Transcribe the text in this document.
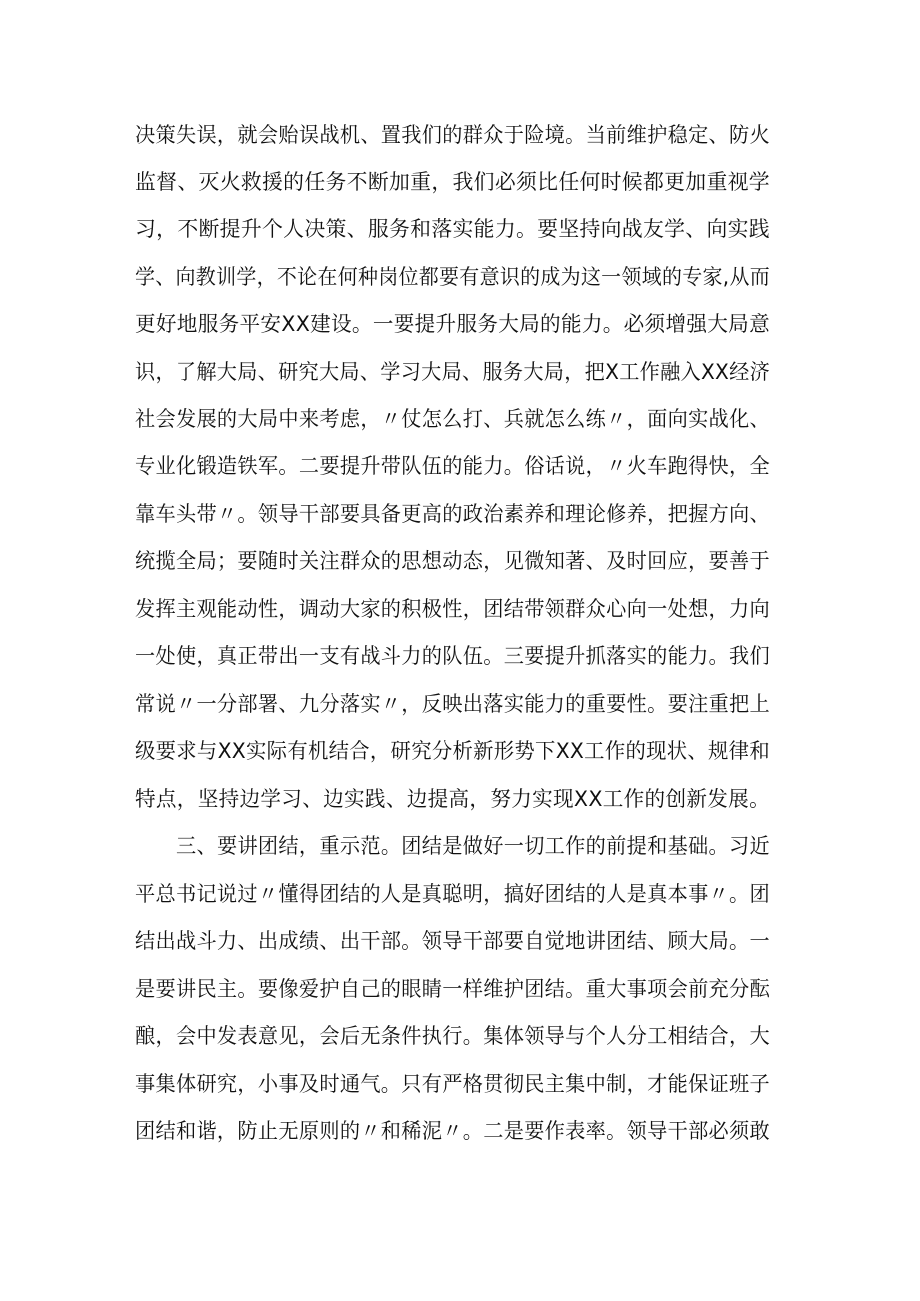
决策失误，就会贻误战机、置我们的群众于险境。当前维护稳定、防火
监督、灭火救援的任务不断加重，我们必须比任何时候都更加重视学
习，不断提升个人决策、服务和落实能力。要坚持向战友学、向实践
学、向教训学，不论在何种岗位都要有意识的成为这一领域的专家,从而
更好地服务平安XX建设。一要提升服务大局的能力。必须增强大局意
识，了解大局、研究大局、学习大局、服务大局，把X工作融入XX经济
社会发展的大局中来考虑，〃仗怎么打、兵就怎么练〃，面向实战化、
专业化锻造铁军。二要提升带队伍的能力。俗话说，〃火车跑得快，全
靠车头带〃。领导干部要具备更高的政治素养和理论修养，把握方向、
统揽全局；要随时关注群众的思想动态，见微知著、及时回应，要善于
发挥主观能动性，调动大家的积极性，团结带领群众心向一处想，力向
一处使，真正带出一支有战斗力的队伍。三要提升抓落实的能力。我们
常说〃一分部署、九分落实〃，反映出落实能力的重要性。要注重把上
级要求与XX实际有机结合，研究分析新形势下XX工作的现状、规律和
特点，坚持边学习、边实践、边提高，努力实现XX工作的创新发展。
三、要讲团结，重示范。团结是做好一切工作的前提和基础。习近
平总书记说过〃懂得团结的人是真聪明，搞好团结的人是真本事〃。团
结出战斗力、出成绩、出干部。领导干部要自觉地讲团结、顾大局。一
是要讲民主。要像爱护自己的眼睛一样维护团结。重大事项会前充分酝
酿，会中发表意见，会后无条件执行。集体领导与个人分工相结合，大
事集体研究，小事及时通气。只有严格贯彻民主集中制，才能保证班子
团结和谐，防止无原则的〃和稀泥〃。二是要作表率。领导干部必须敢
